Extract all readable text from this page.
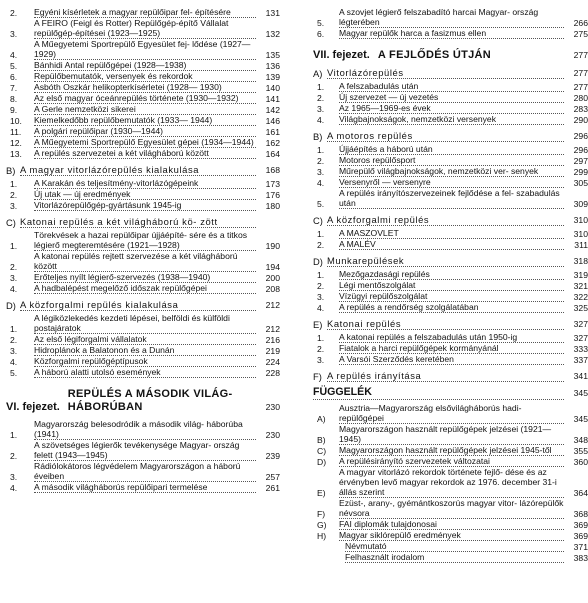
2.	Egyéni kísérletek a magyar repülőipar fel- építésére	131
3.
A FEIRO (Feigl és Rotter) Repülőgép-építő Vállalat repülőgép-építései (1923—1925)	132
4.
A Műegyetemi Sportrepülő Egyesület fej- lődése (1927—1929)	135
5.	Bánhidi Antal repülőgépei (1928—1938)	136
6.	Repülőbemutatók, versenyek és rekordok	139
7.	Asbóth Oszkár helikopterkísérletei (1928— 1930)	140
8.	Az első magyar óceánrepülés története (1930—1932)	141
9.	A Gerle nemzetközi sikerei	142
10.	Kiemelkedőbb repülőbemutatók (1933— 1944)	146
11.	A polgári repülőipar (1930—1944)	161
12.	A Műegyetemi Sportrepülő Egyesület gépei (1934—1944)	162
13.	A repülés szervezetei a két világháború között	164
B) A magyar vitorlázórepülés kialakulása	168
1.	A Karakán és teljesítmény-vitorlázógépeink	173
2.	Új utak — új eredmények	176
3.	Vitorlázórepülőgép-gyártásunk 1945-ig	180
C) Katonai repülés a két világháború kö- zött
1.
Törekvések a hazai repülőipar újjáépíté- sére és a titkos légierő megteremtésére (1921—1928)	190
2.
A katonai repülés rejtett szervezése a két világháború között	194
3.	Erőteljes nyílt légierő-szervezés (1938—1940)	200
4.	A hadbalépést megelőző időszak repülőgépei	208
D) A közforgalmi repülés kialakulása	212
1.
A légiközlekedés kezdeti lépései, belföldi és külföldi postajáratok	212
2.	Az első légiforgalmi vállalatok	216
3.	Hidroplánok a Balatonon és a Dunán	219
4.	Közforgalmi repülőgéptípusok	224
5.	A háború alatti utolsó események	228
VI. fejezet.
REPÜLÉS A MÁSODIK VILÁG- HÁBORÚBAN	230
1.
Magyarország belesodródik a második világ- háborúba (1941)	230
2.
A szövetséges légierők tevékenysége Magyar- ország felett (1943—1945)	239
3.
Rádiólokátoros légvédelem Magyarországon a háború éveiben	257
4.	A második világháborús repülőipari termelése	261
5.
A szovjet légierő felszabadító harcai Magyar- ország légterében	266
6.	Magyar repülők harca a fasizmus ellen	275
VII. fejezet. A FEJLŐDÉS ÚTJÁN	277
A) Vitorlázórepülés	277
1.	A felszabadulás után	277
2.	Új szervezet — új vezetés	280
3.	Az 1965—1969-es évek	283
4.	Világbajnokságok, nemzetközi versenyek	290
B) A motoros repülés	296
1.	Újjáépítés a háború után	296
2.	Motoros repülősport	297
3.	Műrepülő világbajnokságok, nemzetközi ver- senyek	299
4.	Versenyről — versenyre	305
5.
A repülés irányítószervezeinek fejlődése a fel- szabadulás után	309
C) A közforgalmi repülés	310
1.	A MASZOVLET	310
2.	A MALÉV	311
D) Munkarepülések	318
1.	Mezőgazdasági repülés	319
2.	Légi mentőszolgálat	321
3.	Vízügyi repülőszolgálat	322
4.	A repülés a rendőrség szolgálatában	325
E) Katonai repülés	327
1.	A katonai repülés a felszabadulás után 1950-ig	327
2.	Fiatalok a harci repülőgépek kormányánál	333
3.	A Varsói Szerződés keretében	337
F) A repülés irányítása	341
FÜGGELÉK	345
A)
Ausztria—Magyarország elsővilágháborús hadi- repülőgépei	345
B)
Magyarországon használt repülőgépek jelzései (1921—1945)	348
C)	Magyarországon használt repülőgépek jelzései 1945-től	355
D)	A repülésirányító szervezetek változatai	360
E)
A magyar vitorlázó rekordok története fejlő- dése és az érvényben levő magyar rekordok az 1976. december 31-i állás szerint	364
F)
Ezüst-, arany-, gyémántkoszorús magyar vitor- lázórepülők névsora	368
G)	FAI diplomák tulajdonosai	369
H)	Magyar siklórepülő eredmények	369
Névmutató	371
Felhasznált irodalom	383
